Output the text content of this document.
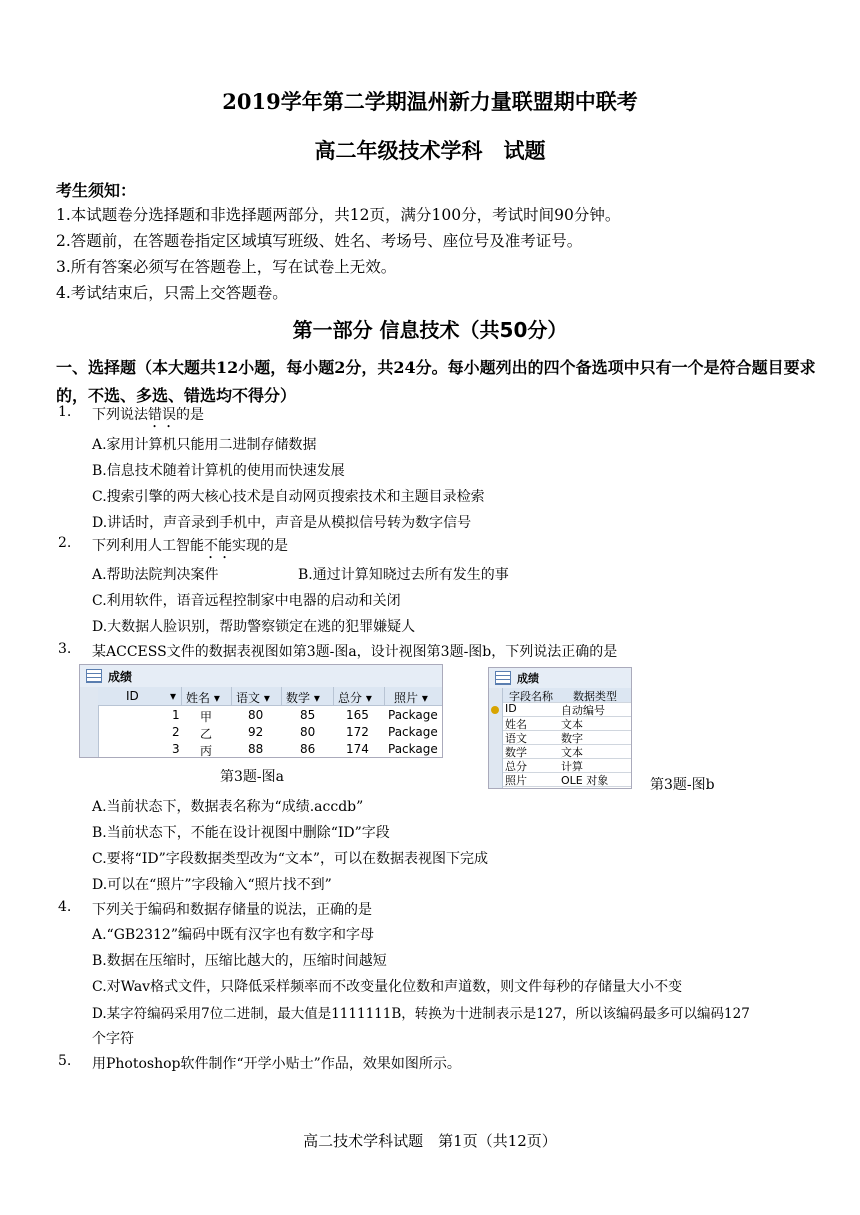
2019学年第二学期温州新力量联盟期中联考
高二年级技术学科　试题
考生须知：
1.本试题卷分选择题和非选择题两部分，共12页，满分100分，考试时间90分钟。
2.答题前，在答题卷指定区域填写班级、姓名、考场号、座位号及准考证号。
3.所有答案必须写在答题卷上，写在试卷上无效。
4.考试结束后，只需上交答题卷。
第一部分 信息技术（共50分）
一、选择题（本大题共12小题，每小题2分，共24分。每小题列出的四个备选项中只有一个是符合题目要求的，不选、多选、错选均不得分）
1. 下列说法错误的是
A.家用计算机只能用二进制存储数据
B.信息技术随着计算机的使用而快速发展
C.搜索引擎的两大核心技术是自动网页搜索技术和主题目录检索
D.讲话时，声音录到手机中，声音是从模拟信号转为数字信号
2. 下列利用人工智能不能实现的是
A.帮助法院判决案件	B.通过计算知晓过去所有发生的事
C.利用软件，语音远程控制家中电器的启动和关闭
D.大数据人脸识别，帮助警察锁定在逃的犯罪嫌疑人
3. 某ACCESS文件的数据表视图如第3题-图a，设计视图第3题-图b，下列说法正确的是
成绩
ID	姓名 ▾ 语文 ▾ 数学 ▾ 总分 ▾ 照片 ▾
▾
1 甲	80	85	165 Package
2 乙	92	80	172 Package
3 丙	88	86	174 Package
第3题-图a
成绩
字段名称 数据类型
ID	自动编号
姓名	文本
语文	数字
数学	文本
总分	计算
照片	OLE 对象	第3题-图b
A.当前状态下，数据表名称为“成绩.accdb”
B.当前状态下，不能在设计视图中删除“ID”字段
C.要将“ID”字段数据类型改为“文本”，可以在数据表视图下完成
D.可以在“照片”字段输入“照片找不到”
4. 下列关于编码和数据存储量的说法，正确的是
A.“GB2312”编码中既有汉字也有数字和字母
B.数据在压缩时，压缩比越大的，压缩时间越短
C.对Wav格式文件，只降低采样频率而不改变量化位数和声道数，则文件每秒的存储量大小不变
D.某字符编码采用7位二进制，最大值是1111111B，转换为十进制表示是127，所以该编码最多可以编码127
个字符
5. 用Photoshop软件制作“开学小贴士”作品，效果如图所示。
高二技术学科试题　第1页（共12页）
